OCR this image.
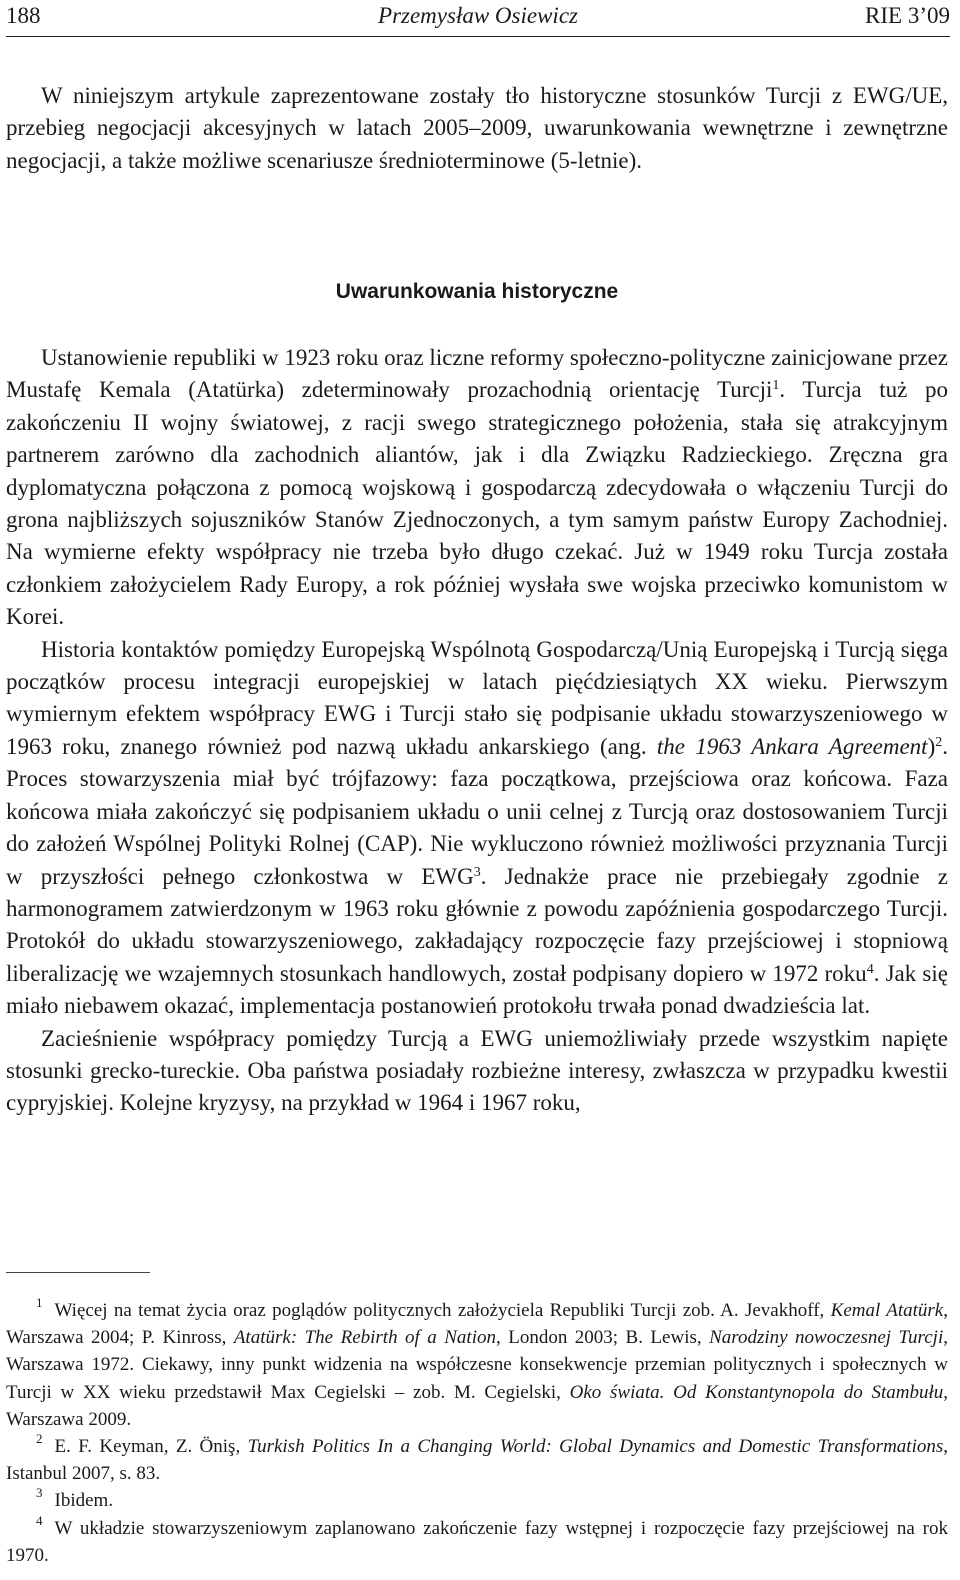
Przemysław Osiewicz
188	RIE 3’09

W niniejszym artykule zaprezentowane zostały tło historyczne stosunków Turcji z EWG/UE, przebieg negocjacji akcesyjnych w latach 2005–2009, uwarunkowania wewnętrzne i zewnętrzne negocjacji, a także możliwe scenariusze średnioterminowe (5-letnie).

Uwarunkowania historyczne

Ustanowienie republiki w 1923 roku oraz liczne reformy społeczno-polityczne zainicjowane przez Mustafę Kemala (Atatürka) zdeterminowały prozachodnią orientację Turcji$^1$. Turcja tuż po zakończeniu II wojny światowej, z racji swego strategicznego położenia, stała się atrakcyjnym partnerem zarówno dla zachodnich aliantów, jak i dla Związku Radzieckiego. Zręczna gra dyplomatyczna połączona z pomocą wojskową i gospodarczą zdecydowała o włączeniu Turcji do grona najbliższych sojuszników Stanów Zjednoczonych, a tym samym państw Europy Zachodniej. Na wymierne efekty współpracy nie trzeba było długo czekać. Już w 1949 roku Turcja została członkiem założycielem Rady Europy, a rok później wysłała swe wojska przeciwko komunistom w Korei.

Historia kontaktów pomiędzy Europejską Wspólnotą Gospodarczą/Unią Europejską i Turcją sięga początków procesu integracji europejskiej w latach pięćdziesiątych XX wieku. Pierwszym wymiernym efektem współpracy EWG i Turcji stało się podpisanie układu stowarzyszeniowego w 1963 roku, znanego również pod nazwą układu ankarskiego (ang. the 1963 Ankara Agreement)$^2$. Proces stowarzyszenia miał być trójfazowy: faza początkowa, przejściowa oraz końcowa. Faza końcowa miała zakończyć się podpisaniem układu o unii celnej z Turcją oraz dostosowaniem Turcji do założeń Wspólnej Polityki Rolnej (CAP). Nie wykluczono również możliwości przyznania Turcji w przyszłości pełnego członkostwa w EWG$^3$. Jednakże prace nie przebiegały zgodnie z harmonogramem zatwierdzonym w 1963 roku głównie z powodu zapóźnienia gospodarczego Turcji. Protokół do układu stowarzyszeniowego, zakładający rozpoczęcie fazy przejściowej i stopniową liberalizację we wzajemnych stosunkach handlowych, został podpisany dopiero w 1972 roku$^4$. Jak się miało niebawem okazać, implementacja postanowień protokołu trwała ponad dwadzieścia lat.

Zacieśnienie współpracy pomiędzy Turcją a EWG uniemożliwiały przede wszystkim napięte stosunki grecko-tureckie. Oba państwa posiadały rozbieżne interesy, zwłaszcza w przypadku kwestii cypryjskiej. Kolejne kryzysy, na przykład w 1964 i 1967 roku,

$^1$ Więcej na temat życia oraz poglądów politycznych założyciela Republiki Turcji zob. A. Jevakhoff, Kemal Atatürk, Warszawa 2004; P. Kinross, Atatürk: The Rebirth of a Nation, London 2003; B. Lewis, Narodziny nowoczesnej Turcji, Warszawa 1972. Ciekawy, inny punkt widzenia na współczesne konsekwencje przemian politycznych i społecznych w Turcji w XX wieku przedstawił Max Cegielski – zob. M. Cegielski, Oko świata. Od Konstantynopola do Stambułu, Warszawa 2009.

$^2$ E. F. Keyman, Z. Öniş, Turkish Politics In a Changing World: Global Dynamics and Domestic Transformations, Istanbul 2007, s. 83.

$^3$ Ibidem.

$^4$ W układzie stowarzyszeniowym zaplanowano zakończenie fazy wstępnej i rozpoczęcie fazy przejściowej na rok 1970.
